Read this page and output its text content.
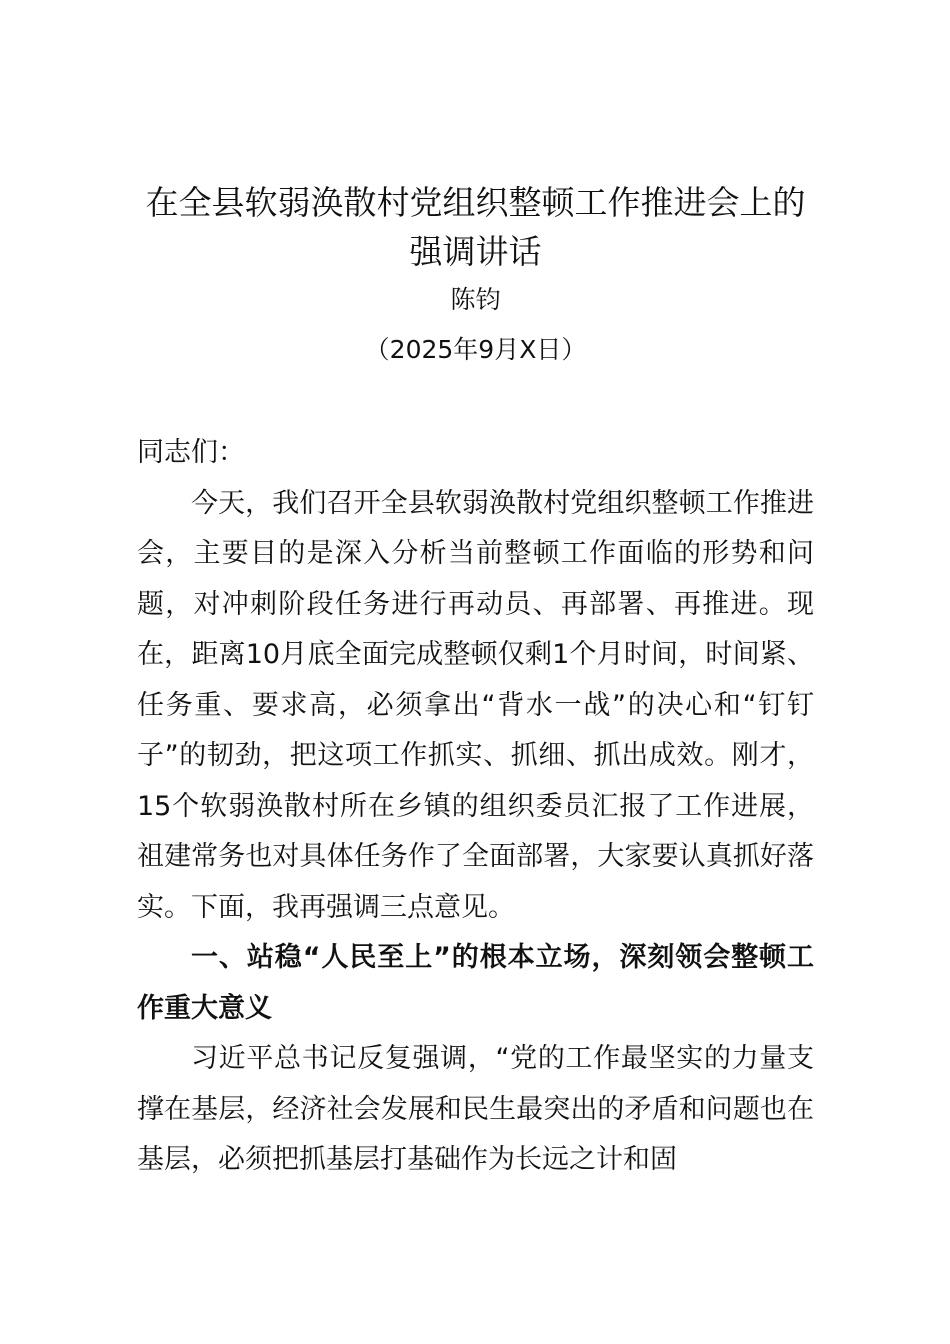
在全县软弱涣散村党组织整顿工作推进会上的强调讲话

陈钧

（2025年9月X日）

同志们：

今天，我们召开全县软弱涣散村党组织整顿工作推进会，主要目的是深入分析当前整顿工作面临的形势和问题，对冲刺阶段任务进行再动员、再部署、再推进。现在，距离10月底全面完成整顿仅剩1个月时间，时间紧、任务重、要求高，必须拿出“背水一战”的决心和“钉钉子”的韧劲，把这项工作抓实、抓细、抓出成效。刚才，15个软弱涣散村所在乡镇的组织委员汇报了工作进展，祖建常务也对具体任务作了全面部署，大家要认真抓好落实。下面，我再强调三点意见。

一、站稳“人民至上”的根本立场，深刻领会整顿工作重大意义

习近平总书记反复强调，“党的工作最坚实的力量支撑在基层，经济社会发展和民生最突出的矛盾和问题也在基层，必须把抓基层打基础作为长远之计和固
